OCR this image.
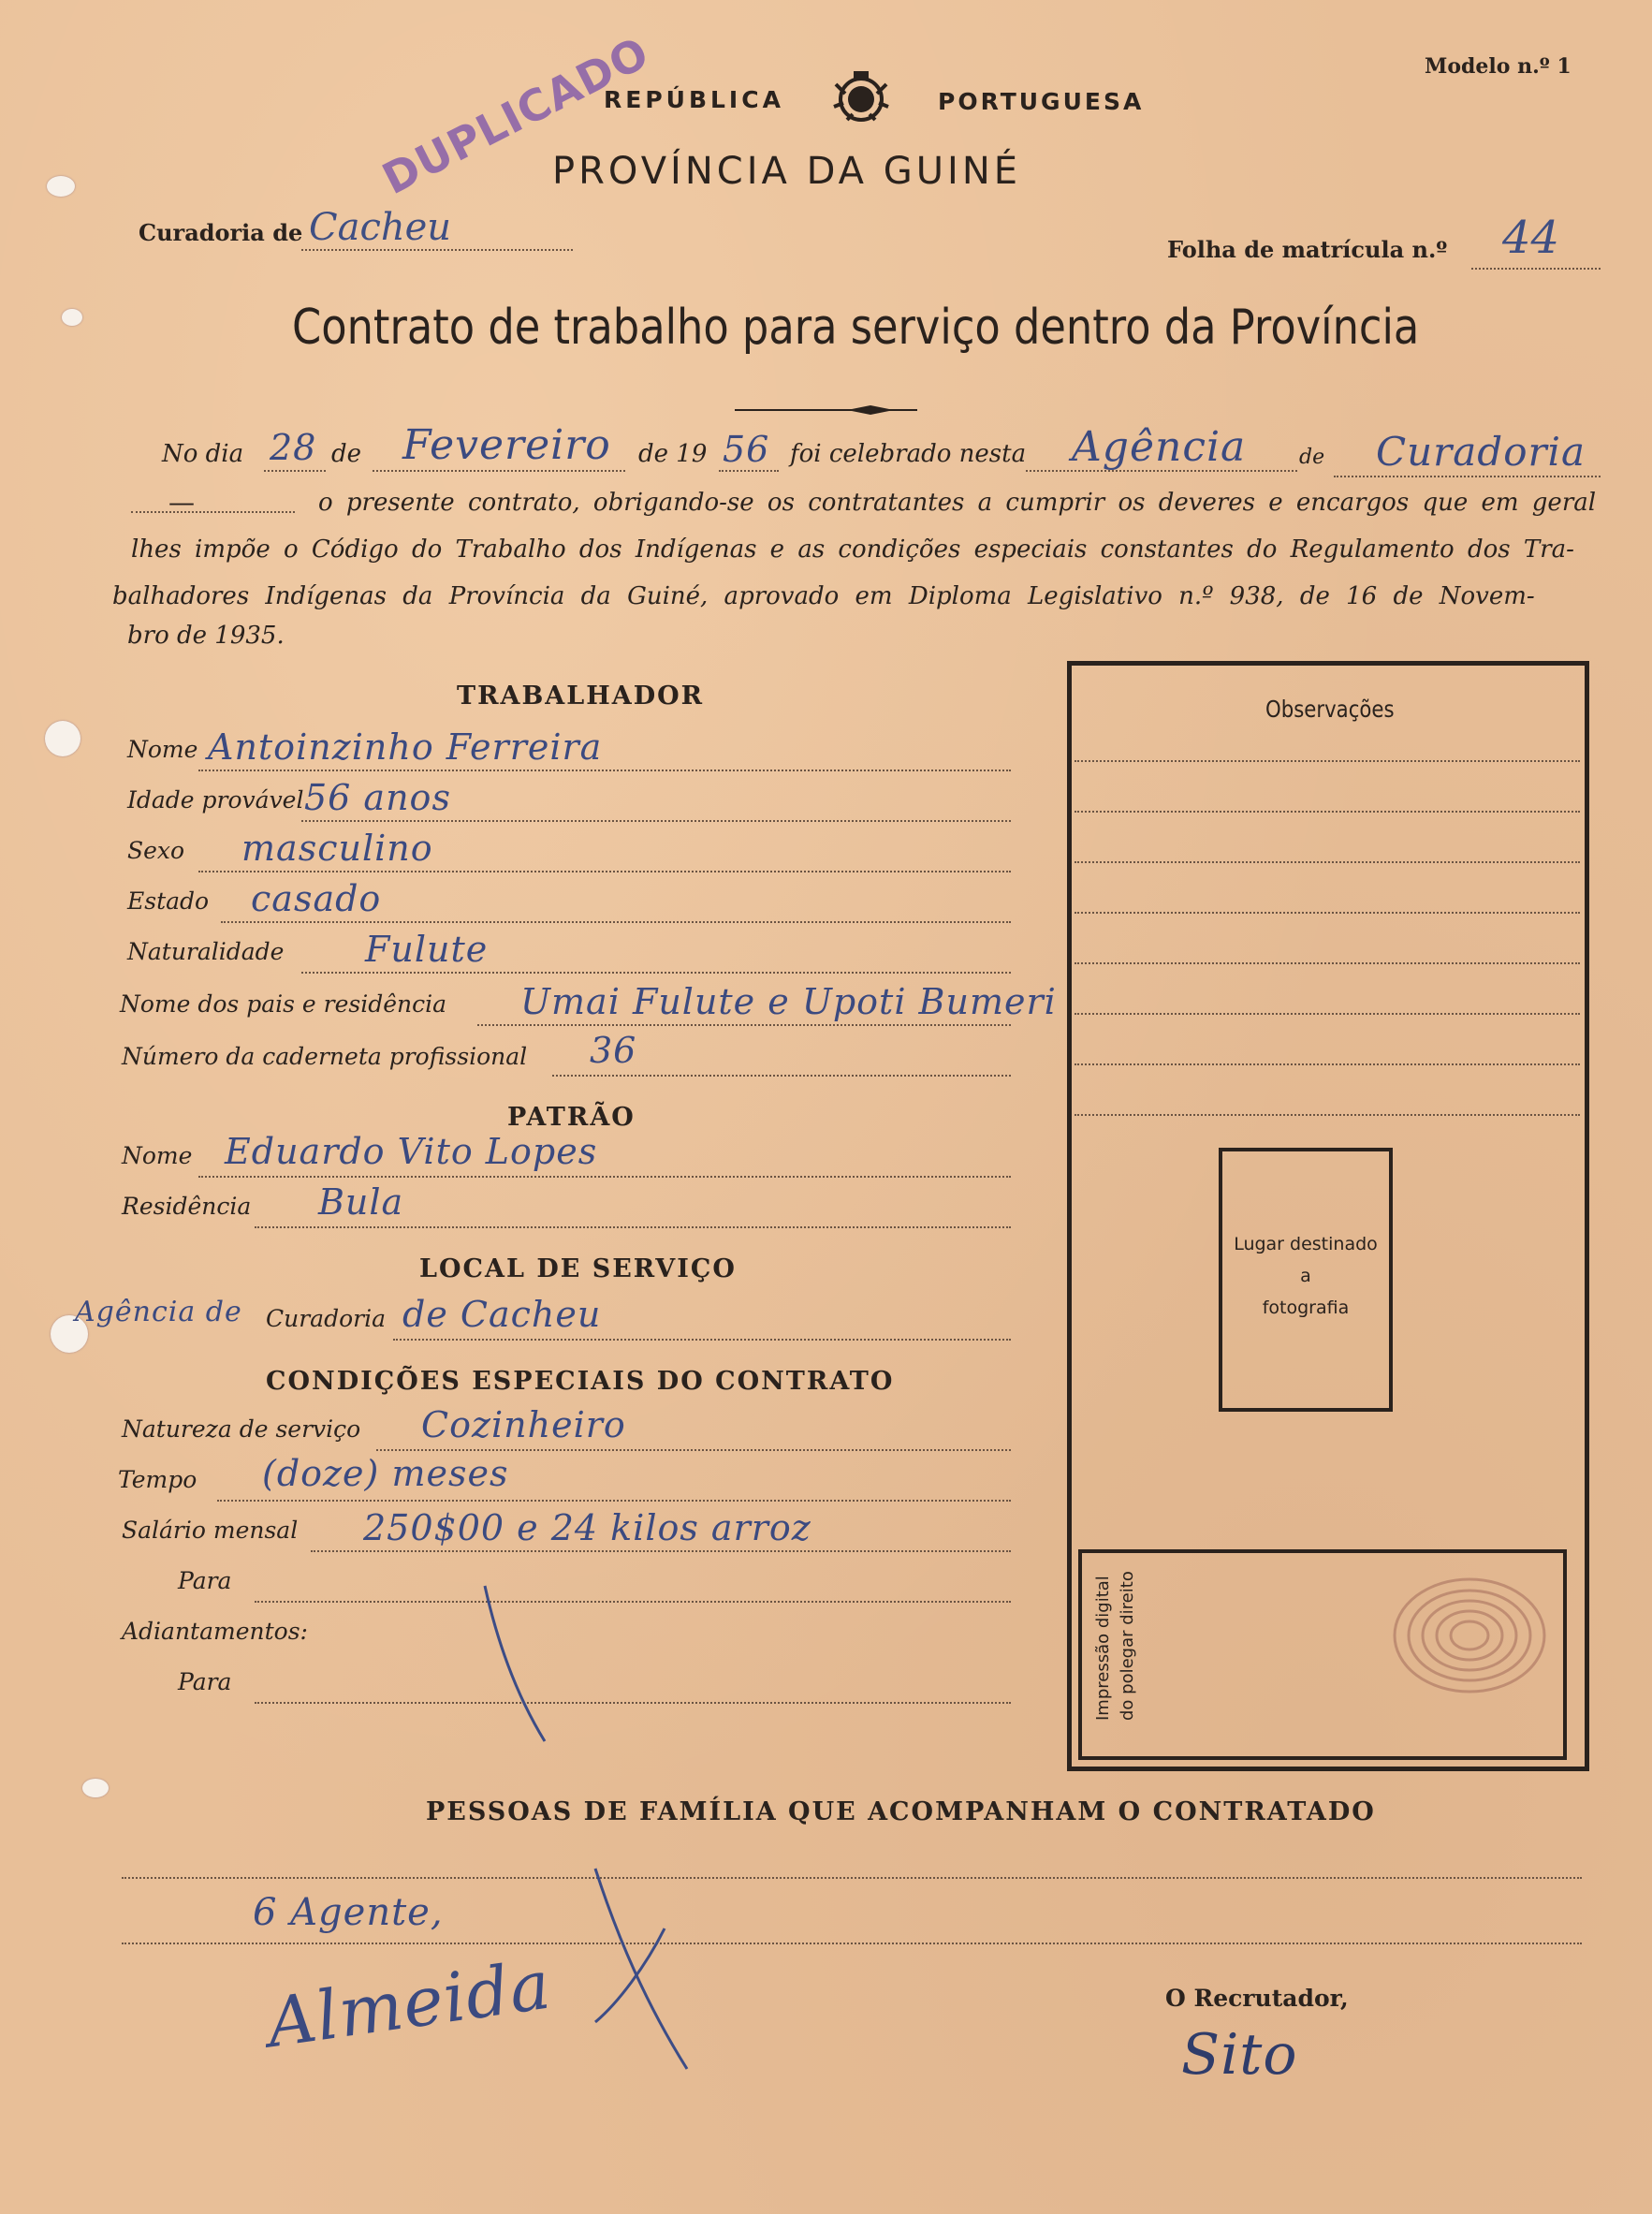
Modelo n.º 1
REPÚBLICA	PORTUGUESA
PROVÍNCIA DA GUINÉ
DUPLICADO
Curadoria de Cacheu
Folha de matrícula n.º 44
Contrato de trabalho para serviço dentro da Província
No dia 28 de Fevereiro de 19 56 foi celebrado nesta Agência	de Curadoria
—	o presente contrato, obrigando-se os contratantes a cumprir os deveres e encargos que em geral
lhes impõe o Código do Trabalho dos Indígenas e as condições especiais constantes do Regulamento dos Tra-
balhadores Indígenas da Província da Guiné, aprovado em Diploma Legislativo n.º 938, de 16 de Novem-
bro de 1935.
Observações
Lugar destinado
a
fotografia
Impressão digital do polegar direito
TRABALHADOR
Nome Antoinzinho Ferreira
Idade provável 56 anos
Sexo masculino
Estado casado
Naturalidade Fulute
Nome dos pais e residência Umai Fulute e Upoti Bumeri
Número da caderneta profissional 36
PATRÃO
Nome Eduardo Vito Lopes
Residência Bula
LOCAL DE SERVIÇO
Agência de Curadoria de Cacheu
CONDIÇÕES ESPECIAIS DO CONTRATO
Natureza de serviço Cozinheiro
Tempo (doze) meses
Salário mensal 250$00 e 24 kilos arroz
Para
Adiantamentos:
Para
PESSOAS DE FAMÍLIA QUE ACOMPANHAM O CONTRATADO
6 Agente,
Almeida	O Recrutador,
Sito
